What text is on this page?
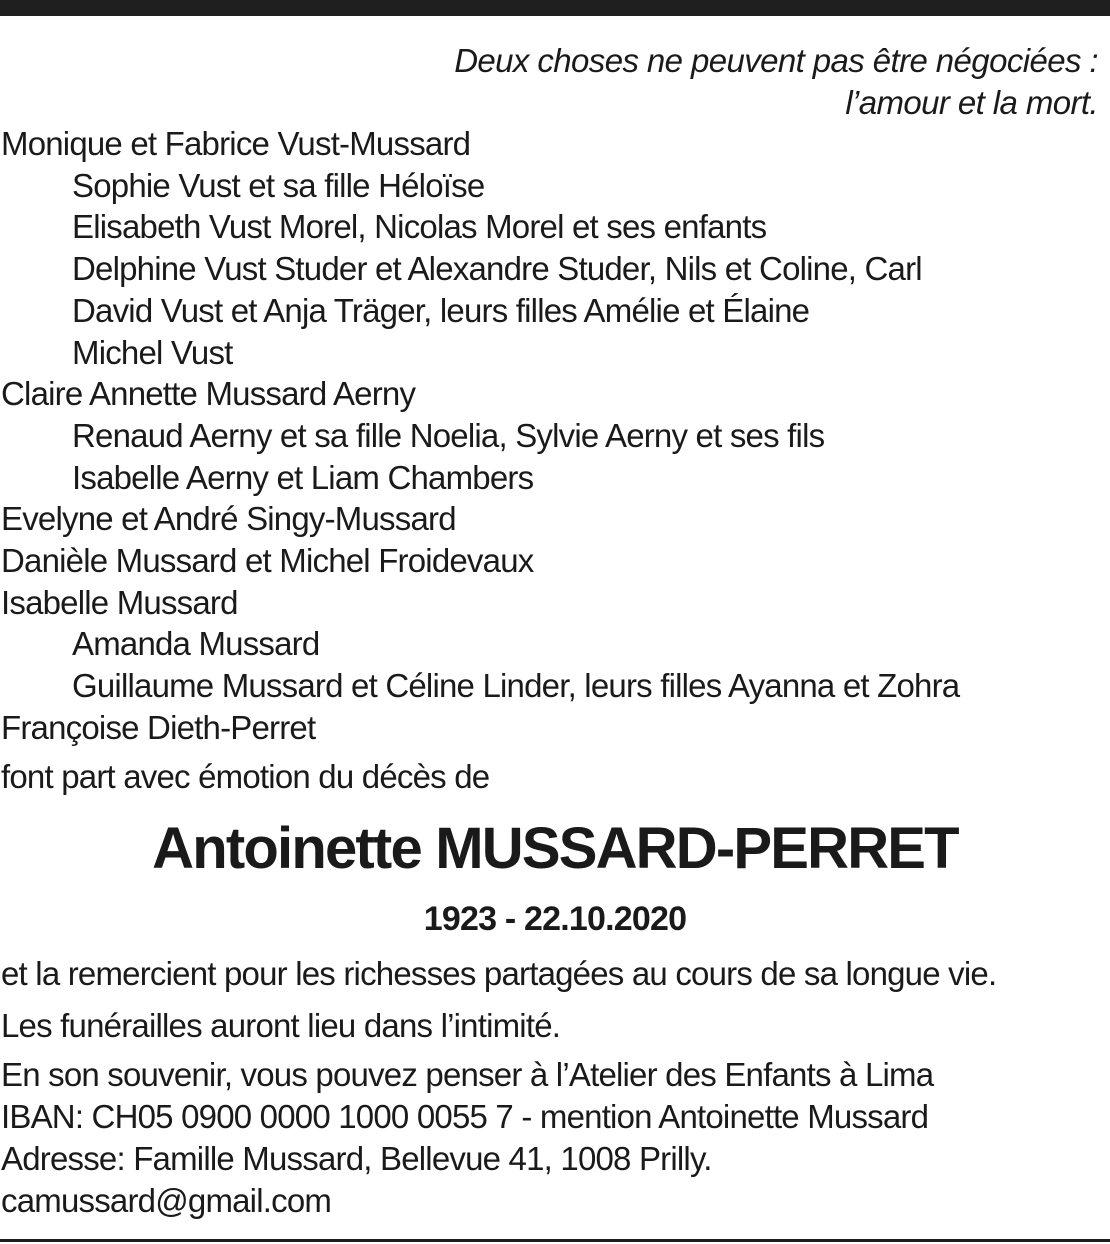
Deux choses ne peuvent pas être négociées :
l’amour et la mort.
Monique et Fabrice Vust-Mussard
Sophie Vust et sa fille Héloïse
Elisabeth Vust Morel, Nicolas Morel et ses enfants
Delphine Vust Studer et Alexandre Studer, Nils et Coline, Carl
David Vust et Anja Träger, leurs filles Amélie et Élaine
Michel Vust
Claire Annette Mussard Aerny
Renaud Aerny et sa fille Noelia, Sylvie Aerny et ses fils
Isabelle Aerny et Liam Chambers
Evelyne et André Singy-Mussard
Danièle Mussard et Michel Froidevaux
Isabelle Mussard
Amanda Mussard
Guillaume Mussard et Céline Linder, leurs filles Ayanna et Zohra
Françoise Dieth-Perret
font part avec émotion du décès de
Antoinette MUSSARD-PERRET
1923 - 22.10.2020
et la remercient pour les richesses partagées au cours de sa longue vie.
Les funérailles auront lieu dans l’intimité.
En son souvenir, vous pouvez penser à l’Atelier des Enfants à Lima
IBAN: CH05 0900 0000 1000 0055 7 - mention Antoinette Mussard
Adresse: Famille Mussard, Bellevue 41, 1008 Prilly.
camussard@gmail.com
